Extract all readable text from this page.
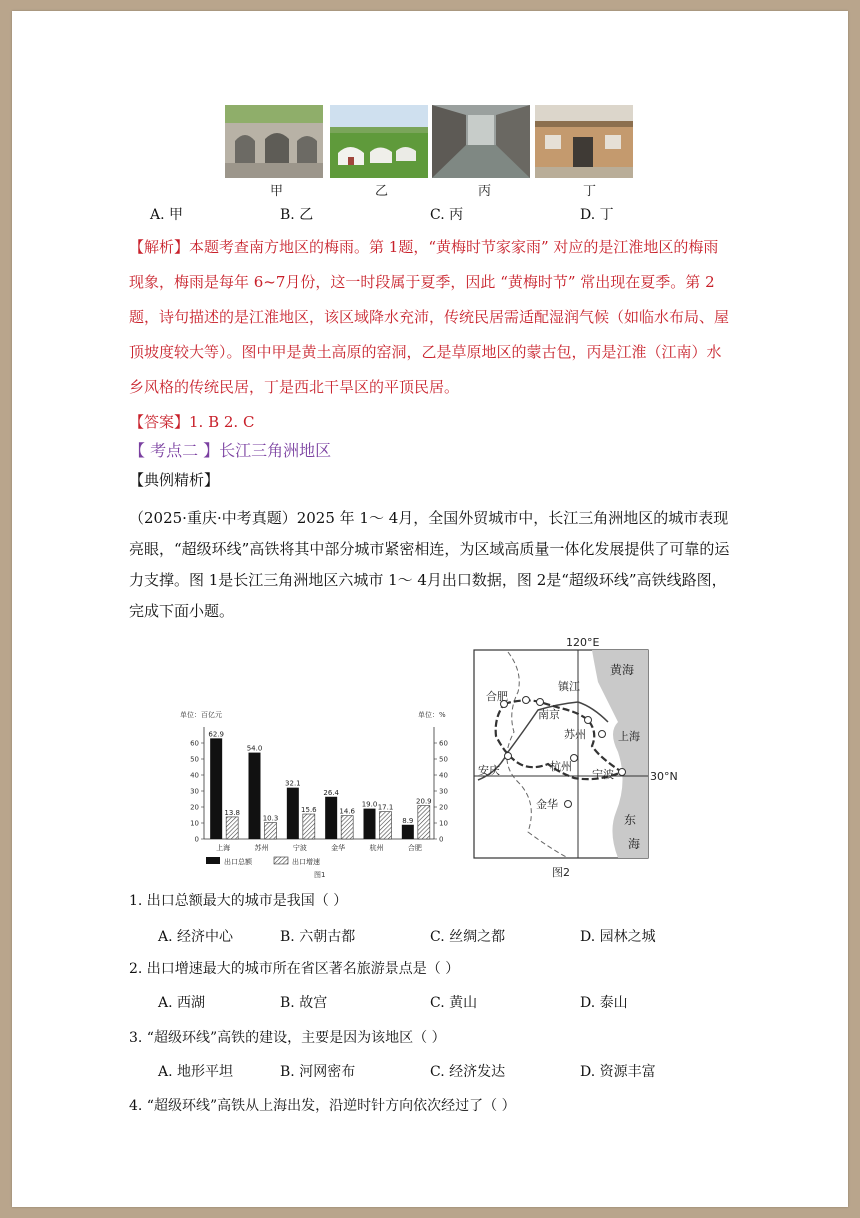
甲	乙	丙	丁
A. 甲	B. 乙	C. 丙	D. 丁
【解析】本题考查南方地区的梅雨。第 1题，“黄梅时节家家雨” 对应的是江淮地区的梅雨
现象，梅雨是每年 6~7月份，这一时段属于夏季，因此 “黄梅时节” 常出现在夏季。第 2
题，诗句描述的是江淮地区，该区域降水充沛，传统民居需适配湿润气候（如临水布局、屋
顶坡度较大等）。图中甲是黄土高原的窑洞，乙是草原地区的蒙古包，丙是江淮（江南）水
乡风格的传统民居，丁是西北干旱区的平顶民居。
【答案】1. B 2. C
【 考点二 】长江三角洲地区
【典例精析】
（2025·重庆·中考真题）2025 年 1～ 4月，全国外贸城市中，长江三角洲地区的城市表现
亮眼，“超级环线”高铁将其中部分城市紧密相连，为区域高质量一体化发展提供了可靠的运
力支撑。图 1是长江三角洲地区六城市 1～ 4月出口数据，图 2是“超级环线”高铁线路图，
完成下面小题。
单位：百亿元	单位：%
0	0
10	10
20	20
30	30
40	40
50	50
60	60
62.9
13.8
上海
54.0
10.3
苏州
32.1
15.6
宁波
26.4
14.6
金华
19.0 17.1
杭州
8.9
20.9
合肥
出口总额	出口增速
图1
120°E
黄海
东
海
合肥
镇江
南京
苏州	上海
安庆	杭州
宁波
金华
30°N
图2
1. 出口总额最大的城市是我国（ ）
A. 经济中心	B. 六朝古都	C. 丝绸之都	D. 园林之城
2. 出口增速最大的城市所在省区著名旅游景点是（ ）
A. 西湖	B. 故宫	C. 黄山	D. 泰山
3. “超级环线”高铁的建设，主要是因为该地区（ ）
A. 地形平坦	B. 河网密布	C. 经济发达	D. 资源丰富
4. “超级环线”高铁从上海出发，沿逆时针方向依次经过了（ ）
